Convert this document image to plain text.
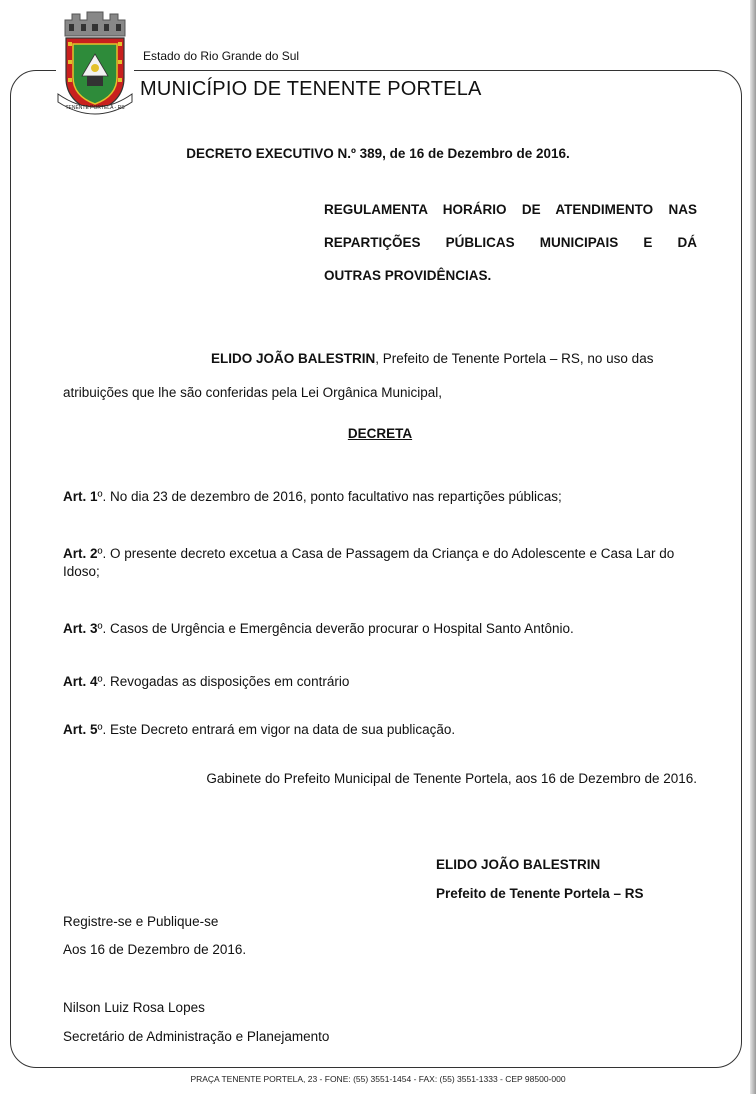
TENENTE PORTELA - RS
Estado do Rio Grande do Sul
MUNICÍPIO DE TENENTE PORTELA
DECRETO EXECUTIVO N.º 389, de 16 de Dezembro de 2016.
REGULAMENTA HORÁRIO DE ATENDIMENTO NAS
REPARTIÇÕES PÚBLICAS MUNICIPAIS E DÁ
OUTRAS PROVIDÊNCIAS.
ELIDO JOÃO BALESTRIN, Prefeito de Tenente Portela – RS, no uso das
atribuições que lhe são conferidas pela Lei Orgânica Municipal,
DECRETA
Art. 1º. No dia 23 de dezembro de 2016, ponto facultativo nas repartições públicas;
Art. 2º. O presente decreto excetua a Casa de Passagem da Criança e do Adolescente e Casa Lar do Idoso;
Art. 3º. Casos de Urgência e Emergência deverão procurar o Hospital Santo Antônio.
Art. 4º. Revogadas as disposições em contrário
Art. 5º. Este Decreto entrará em vigor na data de sua publicação.
Gabinete do Prefeito Municipal de Tenente Portela, aos 16 de Dezembro de 2016.
ELIDO JOÃO BALESTRIN
Prefeito de Tenente Portela – RS
Registre-se e Publique-se
Aos 16 de Dezembro de 2016.
Nilson Luiz Rosa Lopes
Secretário de Administração e Planejamento
PRAÇA TENENTE PORTELA, 23 - FONE: (55) 3551-1454 - FAX: (55) 3551-1333 - CEP 98500-000
